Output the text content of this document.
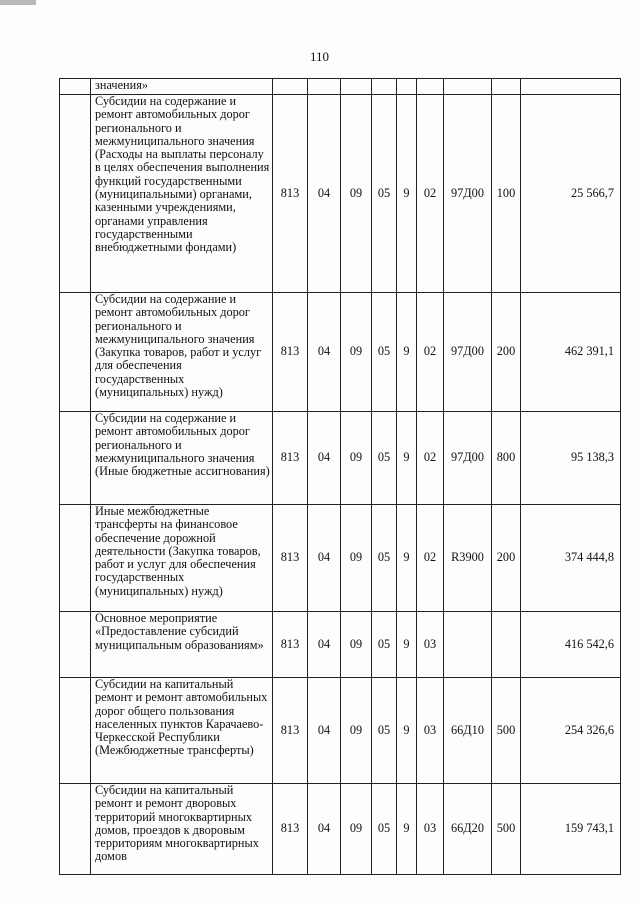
110
	значения»									
	Субсидии на содержание и ремонт автомобильных дорог регионального и межмуниципального значения (Расходы на выплаты персоналу в целях обеспечения выполнения функций государственными (муниципальными) органами, казенными учреждениями, органами управления государственными внебюджетными фондами)	813	04	09	05	9	02	97Д00	100	25 566,7
	Субсидии на содержание и ремонт автомобильных дорог регионального и межмуниципального значения (Закупка товаров, работ и услуг для обеспечения государственных (муниципальных) нужд)	813	04	09	05	9	02	97Д00	200	462 391,1
	Субсидии на содержание и ремонт автомобильных дорог регионального и межмуниципального значения (Иные бюджетные ассигнования)	813	04	09	05	9	02	97Д00	800	95 138,3
	Иные межбюджетные трансферты на финансовое обеспечение дорожной деятельности (Закупка товаров, работ и услуг для обеспечения государственных (муниципальных) нужд)	813	04	09	05	9	02	R3900	200	374 444,8
	Основное мероприятие «Предоставление субсидий муниципальным образованиям»	813	04	09	05	9	03			416 542,6
	Субсидии на капитальный ремонт и ремонт автомобильных дорог общего пользования населенных пунктов Карачаево-Черкесской Республики (Межбюджетные трансферты)	813	04	09	05	9	03	66Д10	500	254 326,6
	Субсидии на капитальный ремонт и ремонт дворовых территорий многоквартирных домов, проездов к дворовым территориям многоквартирных домов	813	04	09	05	9	03	66Д20	500	159 743,1
